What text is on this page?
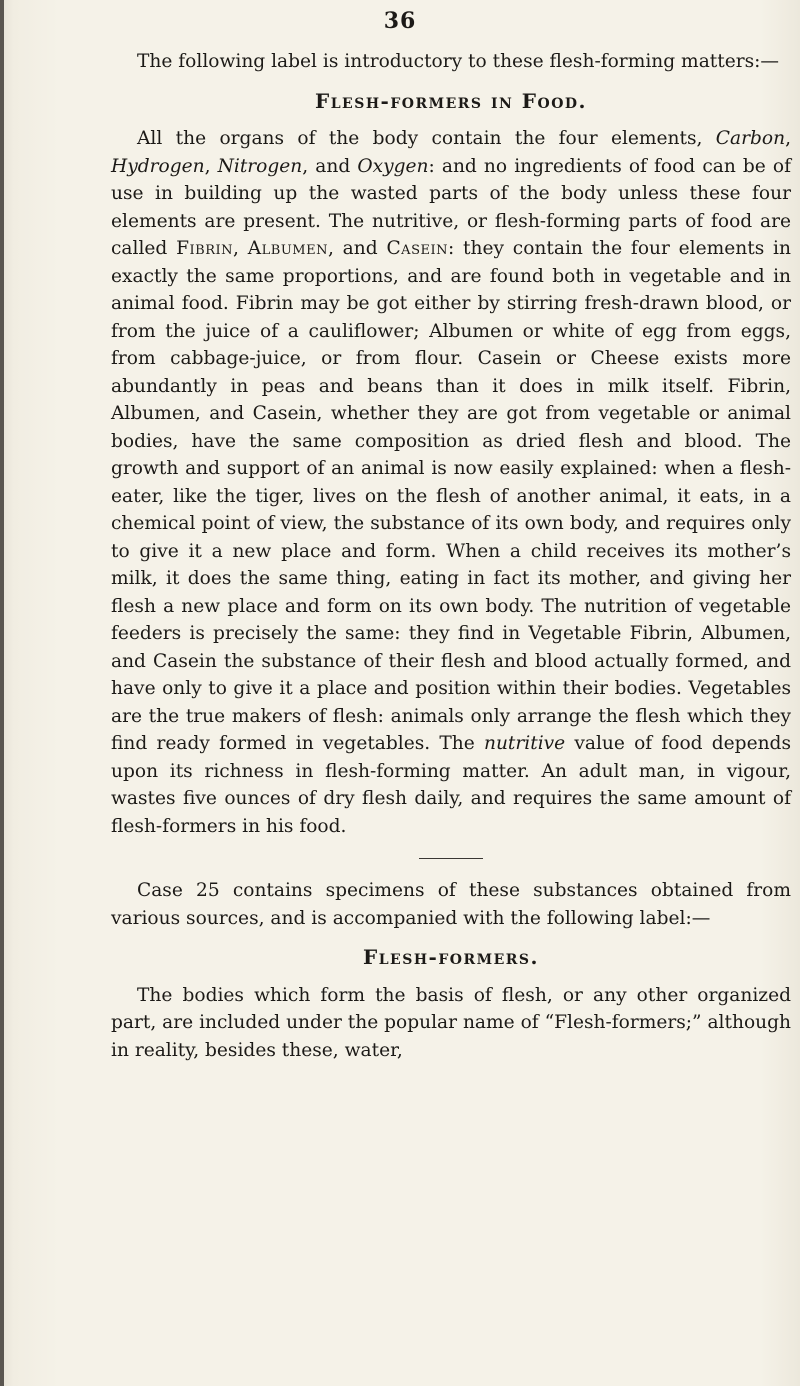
36

The following label is introductory to these flesh-forming matters:—

Flesh-formers in Food.

All the organs of the body contain the four elements, Carbon, Hydrogen, Nitrogen, and Oxygen: and no ingredients of food can be of use in building up the wasted parts of the body unless these four elements are present. The nutritive, or flesh-forming parts of food are called Fibrin, Albumen, and Casein: they contain the four elements in exactly the same proportions, and are found both in vegetable and in animal food. Fibrin may be got either by stirring fresh-drawn blood, or from the juice of a cauliflower; Albumen or white of egg from eggs, from cabbage-juice, or from flour. Casein or Cheese exists more abundantly in peas and beans than it does in milk itself. Fibrin, Albumen, and Casein, whether they are got from vegetable or animal bodies, have the same composition as dried flesh and blood. The growth and support of an animal is now easily explained: when a flesh-eater, like the tiger, lives on the flesh of another animal, it eats, in a chemical point of view, the substance of its own body, and requires only to give it a new place and form. When a child receives its mother’s milk, it does the same thing, eating in fact its mother, and giving her flesh a new place and form on its own body. The nutrition of vegetable feeders is precisely the same: they find in Vegetable Fibrin, Albumen, and Casein the substance of their flesh and blood actually formed, and have only to give it a place and position within their bodies. Vegetables are the true makers of flesh: animals only arrange the flesh which they find ready formed in vegetables. The nutritive value of food depends upon its richness in flesh-forming matter. An adult man, in vigour, wastes five ounces of dry flesh daily, and requires the same amount of flesh-formers in his food.

Case 25 contains specimens of these substances obtained from various sources, and is accompanied with the following label:—

Flesh-formers.

The bodies which form the basis of flesh, or any other organized part, are included under the popular name of “Flesh-formers;” although in reality, besides these, water,
